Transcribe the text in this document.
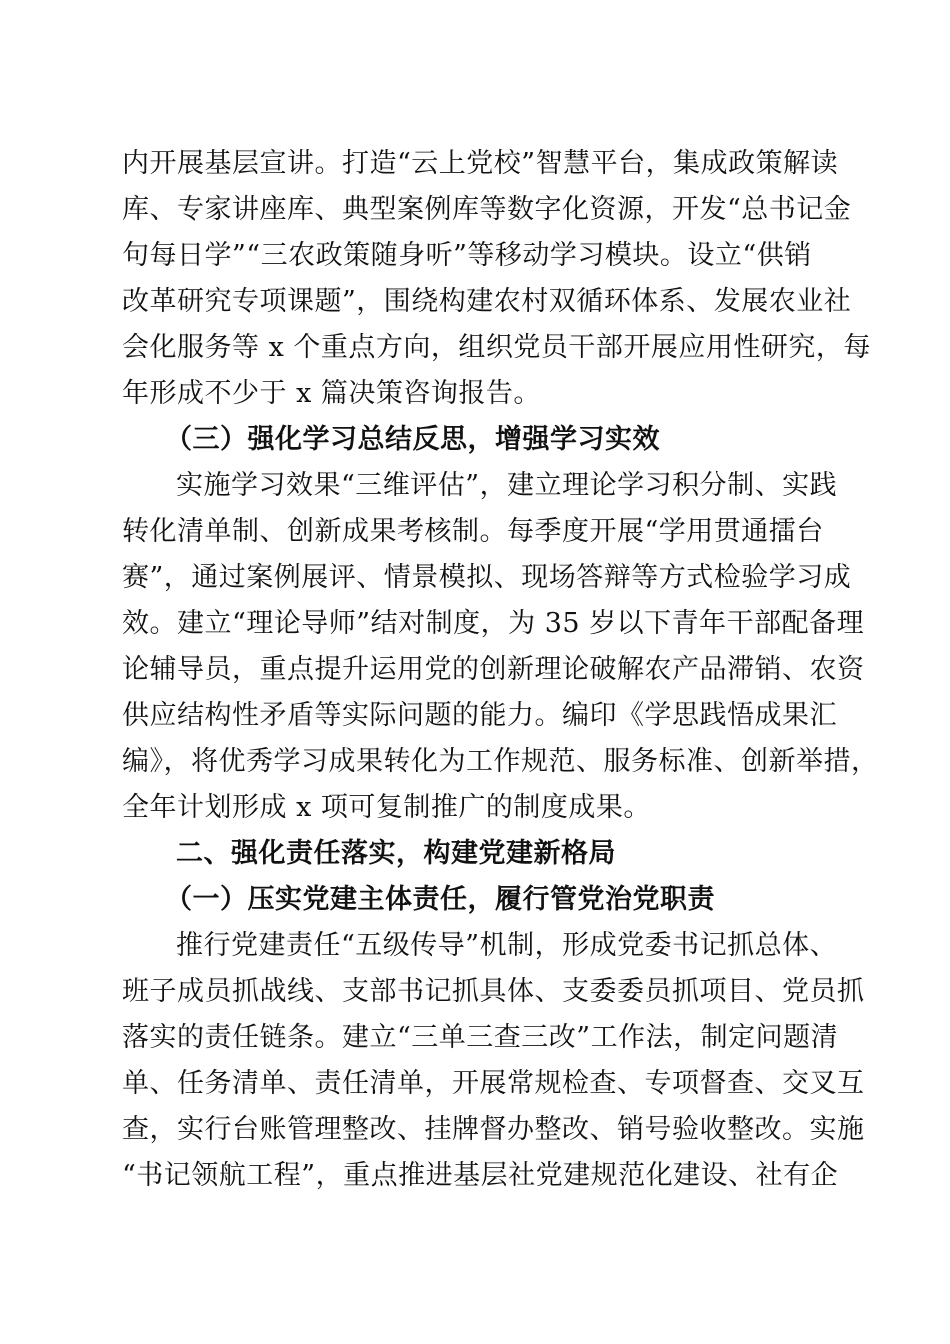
内开展基层宣讲。打造“云上党校”智慧平台，集成政策解读
库、专家讲座库、典型案例库等数字化资源，开发“总书记金
句每日学”“三农政策随身听”等移动学习模块。设立“供销
改革研究专项课题”，围绕构建农村双循环体系、发展农业社
会化服务等 x 个重点方向，组织党员干部开展应用性研究，每
年形成不少于 x 篇决策咨询报告。
（三）强化学习总结反思，增强学习实效
实施学习效果“三维评估”，建立理论学习积分制、实践
转化清单制、创新成果考核制。每季度开展“学用贯通擂台
赛”，通过案例展评、情景模拟、现场答辩等方式检验学习成
效。建立“理论导师”结对制度，为 35 岁以下青年干部配备理
论辅导员，重点提升运用党的创新理论破解农产品滞销、农资
供应结构性矛盾等实际问题的能力。编印《学思践悟成果汇
编》，将优秀学习成果转化为工作规范、服务标准、创新举措，
全年计划形成 x 项可复制推广的制度成果。
二、强化责任落实，构建党建新格局
（一）压实党建主体责任，履行管党治党职责
推行党建责任“五级传导”机制，形成党委书记抓总体、
班子成员抓战线、支部书记抓具体、支委委员抓项目、党员抓
落实的责任链条。建立“三单三查三改”工作法，制定问题清
单、任务清单、责任清单，开展常规检查、专项督查、交叉互
查，实行台账管理整改、挂牌督办整改、销号验收整改。实施
“书记领航工程”，重点推进基层社党建规范化建设、社有企
